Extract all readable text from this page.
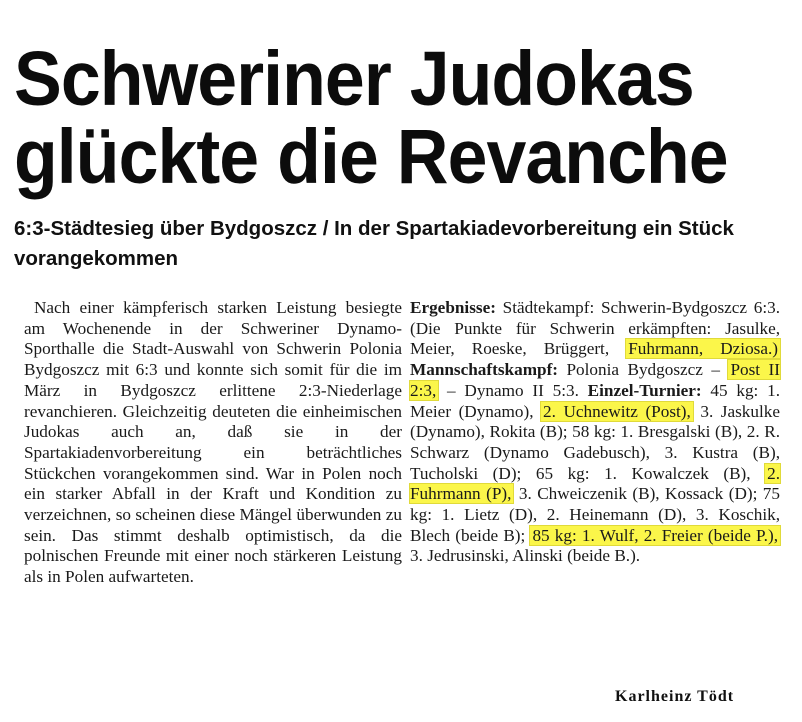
Schweriner Judokas
glückte die Revanche
6:3-Städtesieg über Bydgoszcz / In der Spartakiadevorbereitung ein Stück vorangekommen
Nach einer kämpferisch starken Leistung besiegte am Wochenende in der Schweriner Dynamo-Sporthalle die Stadt-Auswahl von Schwerin Polonia Bydgoszcz mit 6:3 und konnte sich somit für die im März in Bydgoszcz erlittene 2:3-Niederlage revanchieren. Gleichzeitig deuteten die einheimischen Judokas auch an, daß sie in der Spartakiadenvorbereitung ein beträchtliches Stückchen vorangekommen sind. War in Polen noch ein starker Abfall in der Kraft und Kondition zu verzeichnen, so scheinen diese Mängel überwunden zu sein. Das stimmt deshalb optimistisch, da die polnischen Freunde mit einer noch stärkeren Leistung als in Polen aufwarteten.
Ergebnisse: Städtekampf: Schwerin-Bydgoszcz 6:3. (Die Punkte für Schwerin erkämpften: Jasulke, Meier, Roeske, Brüggert, Fuhrmann, Dziosa.) Mannschaftskampf: Polonia Bydgoszcz – Post II 2:3, – Dynamo II 5:3. Einzel-Turnier: 45 kg: 1. Meier (Dynamo), 2. Uchnewitz (Post), 3. Jaskulke (Dynamo), Rokita (B); 58 kg: 1. Bresgalski (B), 2. R. Schwarz (Dynamo Gadebusch), 3. Kustra (B), Tucholski (D); 65 kg: 1. Kowalczek (B), 2. Fuhrmann (P), 3. Chweiczenik (B), Kossack (D); 75 kg: 1. Lietz (D), 2. Heinemann (D), 3. Koschik, Blech (beide B); 85 kg: 1. Wulf, 2. Freier (beide P.), 3. Jedrusinski, Alinski (beide B.).
Karlheinz Tödt
